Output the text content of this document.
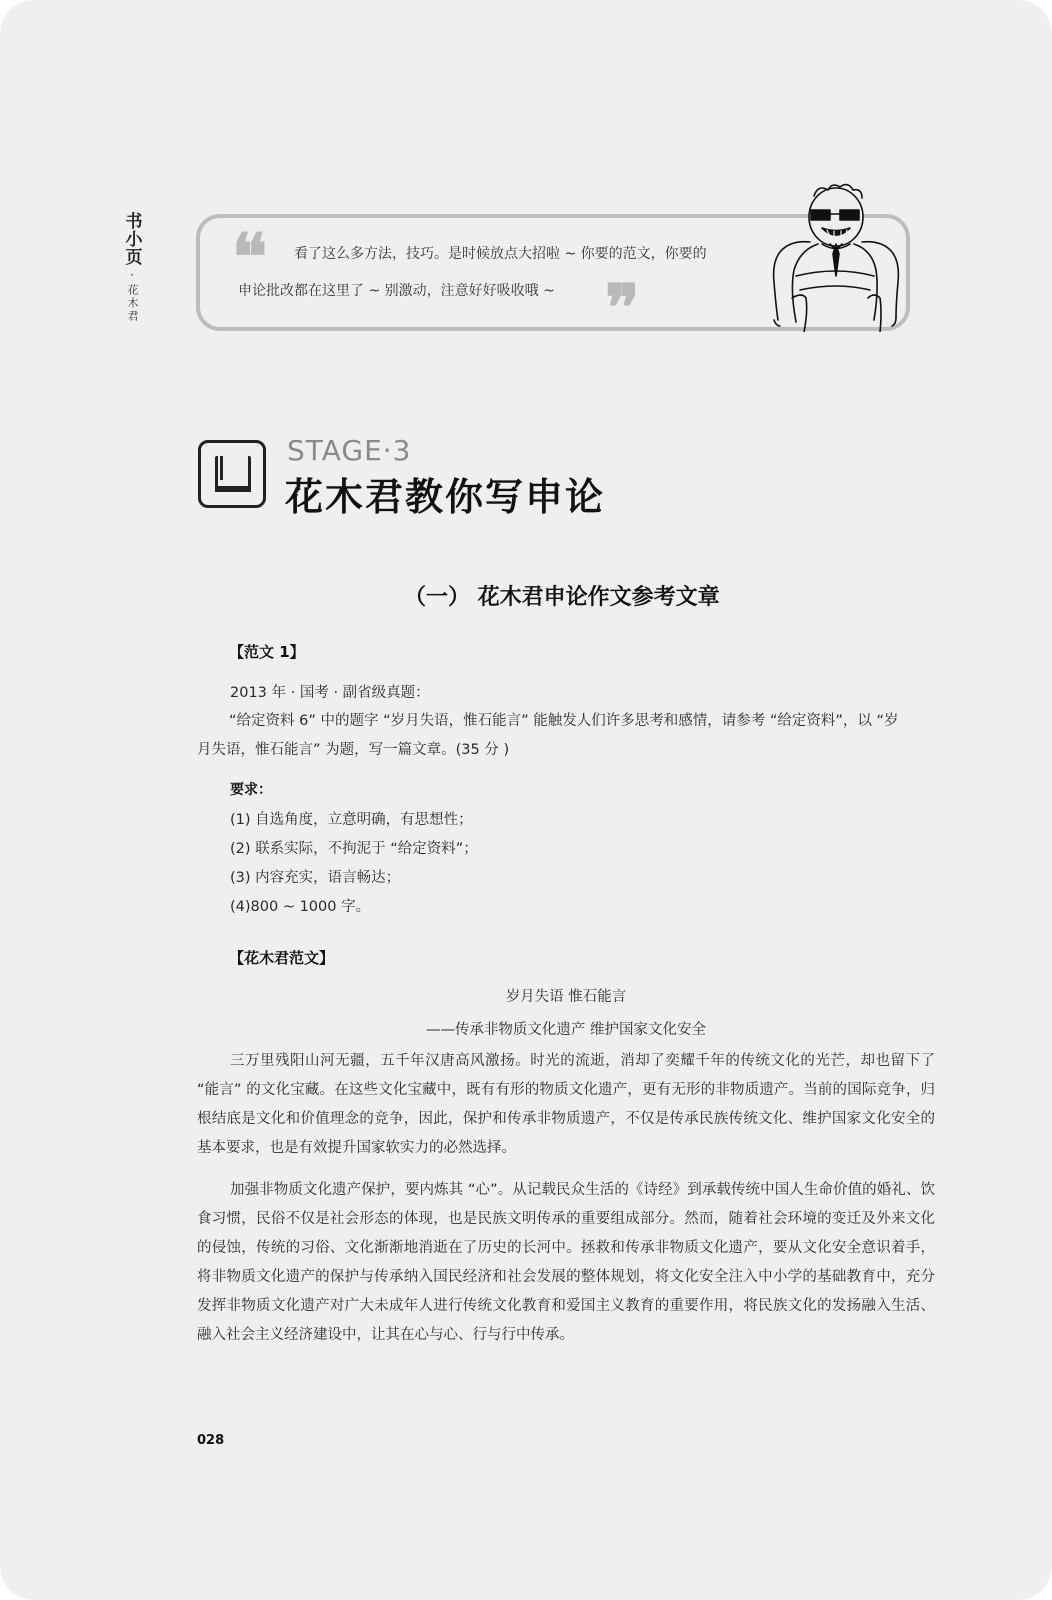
书小页
·
花木君
❛❛ 看了这么多方法，技巧。是时候放点大招啦 ~ 你要的范文，你要的
申论批改都在这里了 ~ 别激动，注意好好吸收哦 ~ ❞
STAGE·3
花木君教你写申论
（一） 花木君申论作文参考文章
【范文 1】
2013 年 · 国考 · 副省级真题：
“给定资料 6” 中的题字 “岁月失语，惟石能言” 能触发人们许多思考和感情，请参考 “给定资料”，以 “岁
月失语，惟石能言” 为题，写一篇文章。(35 分 )
要求：
(1) 自选角度，立意明确，有思想性；
(2) 联系实际，不拘泥于 “给定资料”；
(3) 内容充实，语言畅达；
(4)800 ~ 1000 字。
【花木君范文】
岁月失语 惟石能言
——传承非物质文化遗产 维护国家文化安全

三万里残阳山河无疆，五千年汉唐高风激扬。时光的流逝，消却了奕耀千年的传统文化的光芒，却也留下了 “能言” 的文化宝藏。在这些文化宝藏中，既有有形的物质文化遗产，更有无形的非物质遗产。当前的国际竞争，归根结底是文化和价值理念的竞争，因此，保护和传承非物质遗产，不仅是传承民族传统文化、维护国家文化安全的基本要求，也是有效提升国家软实力的必然选择。

加强非物质文化遗产保护，要内炼其 “心”。从记载民众生活的《诗经》到承载传统中国人生命价值的婚礼、饮食习惯，民俗不仅是社会形态的体现，也是民族文明传承的重要组成部分。然而，随着社会环境的变迁及外来文化的侵蚀，传统的习俗、文化渐渐地消逝在了历史的长河中。拯救和传承非物质文化遗产，要从文化安全意识着手，将非物质文化遗产的保护与传承纳入国民经济和社会发展的整体规划，将文化安全注入中小学的基础教育中，充分发挥非物质文化遗产对广大未成年人进行传统文化教育和爱国主义教育的重要作用，将民族文化的发扬融入生活、融入社会主义经济建设中，让其在心与心、行与行中传承。

028
